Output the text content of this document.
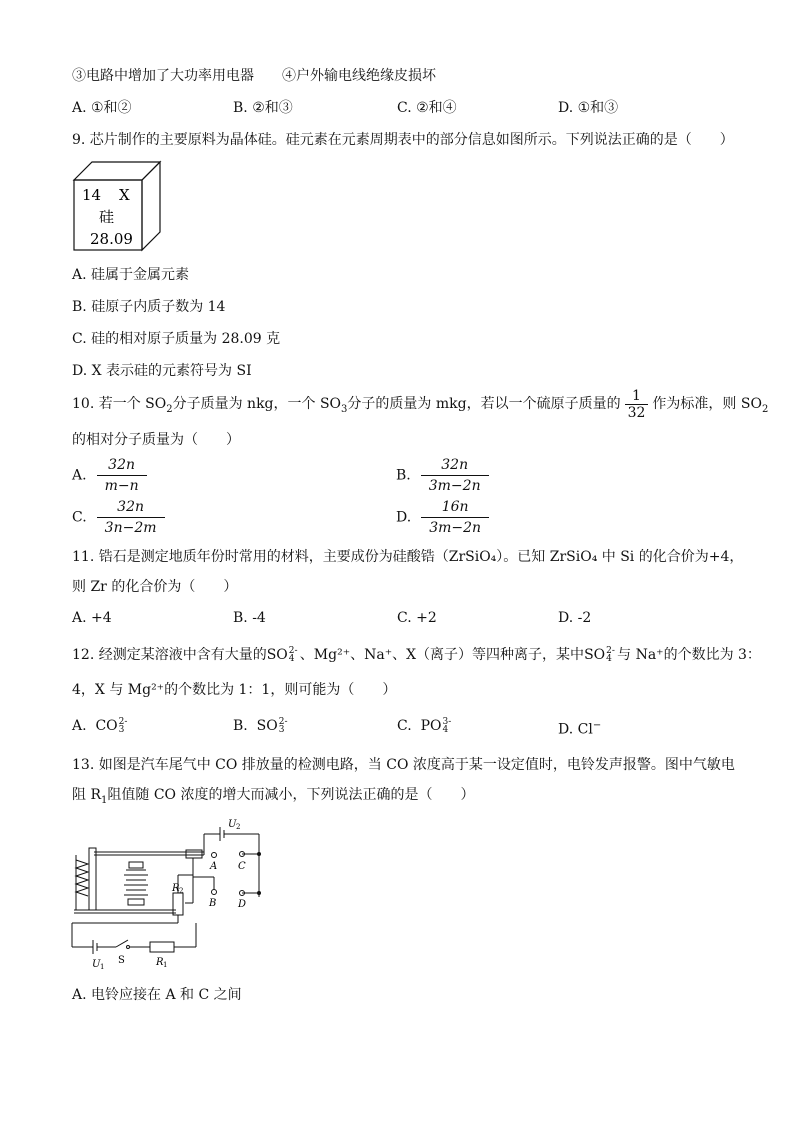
③电路中增加了大功率用电器　　④户外输电线绝缘皮损坏
A. ①和②	B. ②和③	C. ②和④	D. ①和③
9. 芯片制作的主要原料为晶体硅。硅元素在元素周期表中的部分信息如图所示。下列说法正确的是（　　）
14 X
硅
28.09
A. 硅属于金属元素
B. 硅原子内质子数为 14
C. 硅的相对原子质量为 28.09 克
D. X 表示硅的元素符号为 SI
10. 若一个 $SO_2$分子质量为 nkg，一个 $SO_3$分子的质量为 mkg，若以一个硫原子质量的 $\frac{1}{32}$ 作为标准，则 $SO_2$
的相对分子质量为（　　）
A. $\frac{32n}{m-n}$	B. $\frac{32n}{3m-2n}$
C. $\frac{32n}{3n-2m}$	D. $\frac{16n}{3m-2n}$
11. 锆石是测定地质年份时常用的材料，主要成份为硅酸锆（ZrSiO₄）。已知 ZrSiO₄ 中 Si 的化合价为+4，
则 Zr 的化合价为（　　）
A. +4	B. -4	C. +2	D. -2
12. 经测定某溶液中含有大量的SO 2-
4 、Mg²⁺、Na⁺、X（离子）等四种离子，某中SO 2-
4 与 Na⁺的个数比为 3：
4，X 与 Mg²⁺的个数比为 1：1，则可能为（　　）
A. CO 2-
3	B. SO 2-
3	C. PO 3-
4	D. Cl−
13. 如图是汽车尾气中 CO 排放量的检测电路，当 CO 浓度高于某一设定值时，电铃发声报警。图中气敏电
阻 $R_1$阻值随 CO 浓度的增大而减小，下列说法正确的是（　　）
U 2
A C
B D
R 2
U 1
S	R 1
A. 电铃应接在 A 和 C 之间
